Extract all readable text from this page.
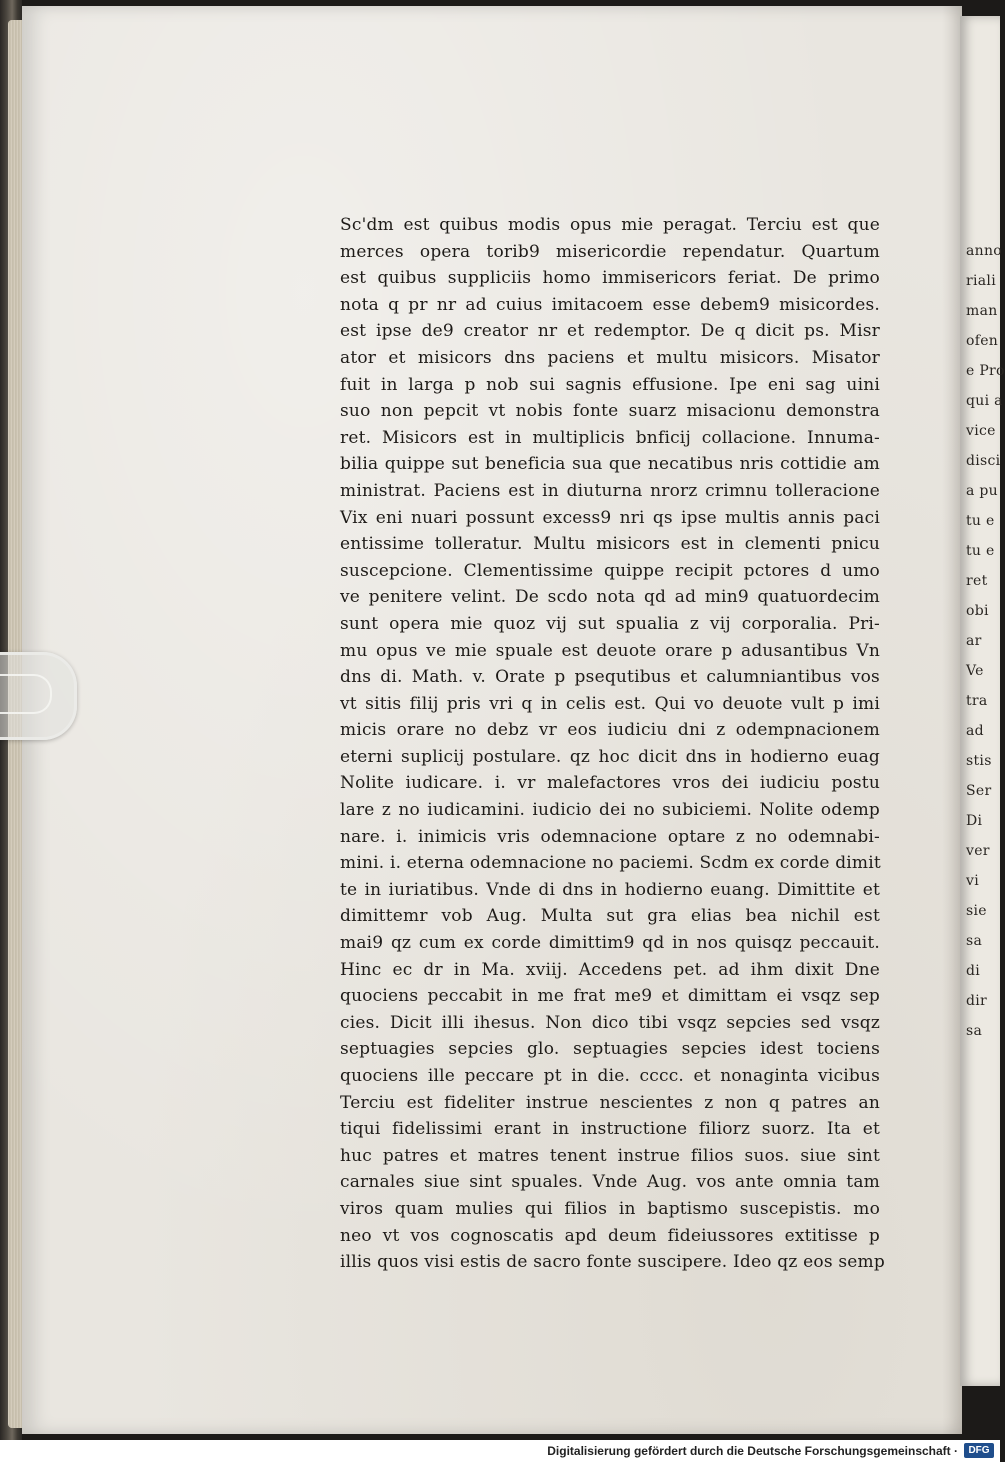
anno
riali
man
ofen
e Pro
qui a
vice
disci
a pu
tu e
tu e
ret
obi
ar
Ve
tra
ad
stis
Ser
Di
ver
vi
sie
sa
di
dir
sa
Sc'dm est quibus modis opus mie peragat. Terciu est que
merces opera torib9 misericordie rependatur. Quartum
est quibus suppliciis homo immisericors feriat. De primo
nota q pr nr ad cuius imitacoem esse debem9 misicordes.
est ipse de9 creator nr et redemptor. De q dicit ps. Misr
ator et misicors dns paciens et multu misicors. Misator
fuit in larga p nob sui sagnis effusione. Ipe eni sag uini
suo non pepcit vt nobis fonte suarz misacionu demonstra
ret. Misicors est in multiplicis bnficij collacione. Innuma-
bilia quippe sut beneficia sua que necatibus nris cottidie am
ministrat. Paciens est in diuturna nrorz crimnu tolleracione
Vix eni nuari possunt excess9 nri qs ipse multis annis paci
entissime tolleratur. Multu misicors est in clementi pnicu
suscepcione. Clementissime quippe recipit pctores d umo
ve penitere velint. De scdo nota qd ad min9 quatuordecim
sunt opera mie quoz vij sut spualia z vij corporalia. Pri-
mu opus ve mie spuale est deuote orare p adusantibus Vn
dns di. Math. v. Orate p psequtibus et calumniantibus vos
vt sitis filij pris vri q in celis est. Qui vo deuote vult p imi
micis orare no debz vr eos iudiciu dni z odempnacionem
eterni suplicij postulare. qz hoc dicit dns in hodierno euag
Nolite iudicare. i. vr malefactores vros dei iudiciu postu
lare z no iudicamini. iudicio dei no subiciemi. Nolite odemp
nare. i. inimicis vris odemnacione optare z no odemnabi-
mini. i. eterna odemnacione no paciemi. Scdm ex corde dimit
te in iuriatibus. Vnde di dns in hodierno euang. Dimittite et
dimittemr vob Aug. Multa sut gra elias bea nichil est
mai9 qz cum ex corde dimittim9 qd in nos quisqz peccauit.
Hinc ec dr in Ma. xviij. Accedens pet. ad ihm dixit Dne
quociens peccabit in me frat me9 et dimittam ei vsqz sep
cies. Dicit illi ihesus. Non dico tibi vsqz sepcies sed vsqz
septuagies sepcies glo. septuagies sepcies idest tociens
quociens ille peccare pt in die. cccc. et nonaginta vicibus
Terciu est fideliter instrue nescientes z non q patres an
tiqui fidelissimi erant in instructione filiorz suorz. Ita et
huc patres et matres tenent instrue filios suos. siue sint
carnales siue sint spuales. Vnde Aug. vos ante omnia tam
viros quam mulies qui filios in baptismo suscepistis. mo
neo vt vos cognoscatis apd deum fideiussores extitisse p
illis quos visi estis de sacro fonte suscipere. Ideo qz eos semp
Digitalisierung gefördert durch die Deutsche Forschungsgemeinschaft ·	DFG
